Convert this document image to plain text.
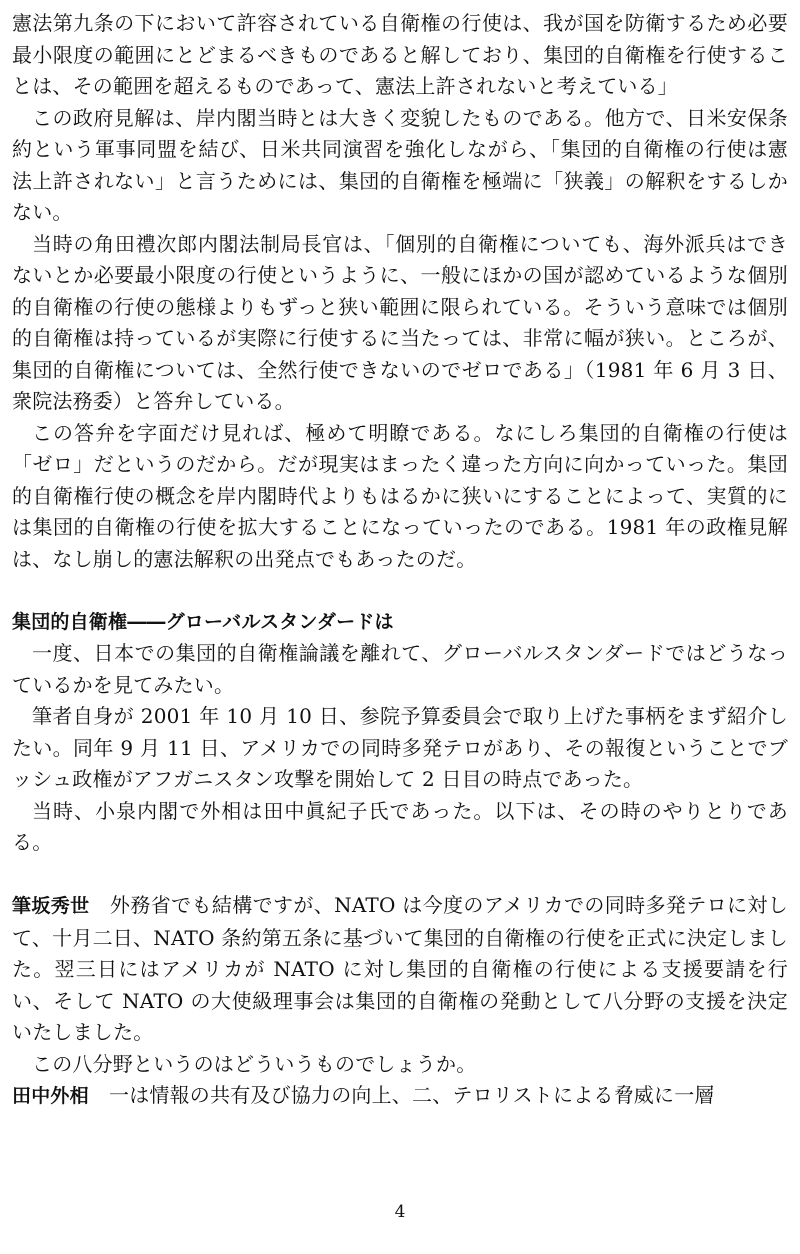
憲法第九条の下において許容されている自衛権の行使は、我が国を防衛するため必要最小限度の範囲にとどまるべきものであると解しており、集団的自衛権を行使することは、その範囲を超えるものであって、憲法上許されないと考えている」

この政府見解は、岸内閣当時とは大きく変貌したものである。他方で、日米安保条約という軍事同盟を結び、日米共同演習を強化しながら、「集団的自衛権の行使は憲法上許されない」と言うためには、集団的自衛権を極端に「狭義」の解釈をするしかない。

当時の角田禮次郎内閣法制局長官は、「個別的自衛権についても、海外派兵はできないとか必要最小限度の行使というように、一般にほかの国が認めているような個別的自衛権の行使の態様よりもずっと狭い範囲に限られている。そういう意味では個別的自衛権は持っているが実際に行使するに当たっては、非常に幅が狭い。ところが、集団的自衛権については、全然行使できないのでゼロである」（1981 年 6 月 3 日、衆院法務委）と答弁している。

この答弁を字面だけ見れば、極めて明瞭である。なにしろ集団的自衛権の行使は「ゼロ」だというのだから。だが現実はまったく違った方向に向かっていった。集団的自衛権行使の概念を岸内閣時代よりもはるかに狭いにすることによって、実質的には集団的自衛権の行使を拡大することになっていったのである。1981 年の政権見解は、なし崩し的憲法解釈の出発点でもあったのだ。

集団的自衛権――グローバルスタンダードは

一度、日本での集団的自衛権論議を離れて、グローバルスタンダードではどうなっているかを見てみたい。

筆者自身が 2001 年 10 月 10 日、参院予算委員会で取り上げた事柄をまず紹介したい。同年 9 月 11 日、アメリカでの同時多発テロがあり、その報復ということでブッシュ政権がアフガニスタン攻撃を開始して 2 日目の時点であった。

当時、小泉内閣で外相は田中眞紀子氏であった。以下は、その時のやりとりである。

筆坂秀世　外務省でも結構ですが、NATO は今度のアメリカでの同時多発テロに対して、十月二日、NATO 条約第五条に基づいて集団的自衛権の行使を正式に決定しました。翌三日にはアメリカが NATO に対し集団的自衛権の行使による支援要請を行い、そして NATO の大使級理事会は集団的自衛権の発動として八分野の支援を決定いたしました。

この八分野というのはどういうものでしょうか。

田中外相　一は情報の共有及び協力の向上、二、テロリストによる脅威に一層

4
